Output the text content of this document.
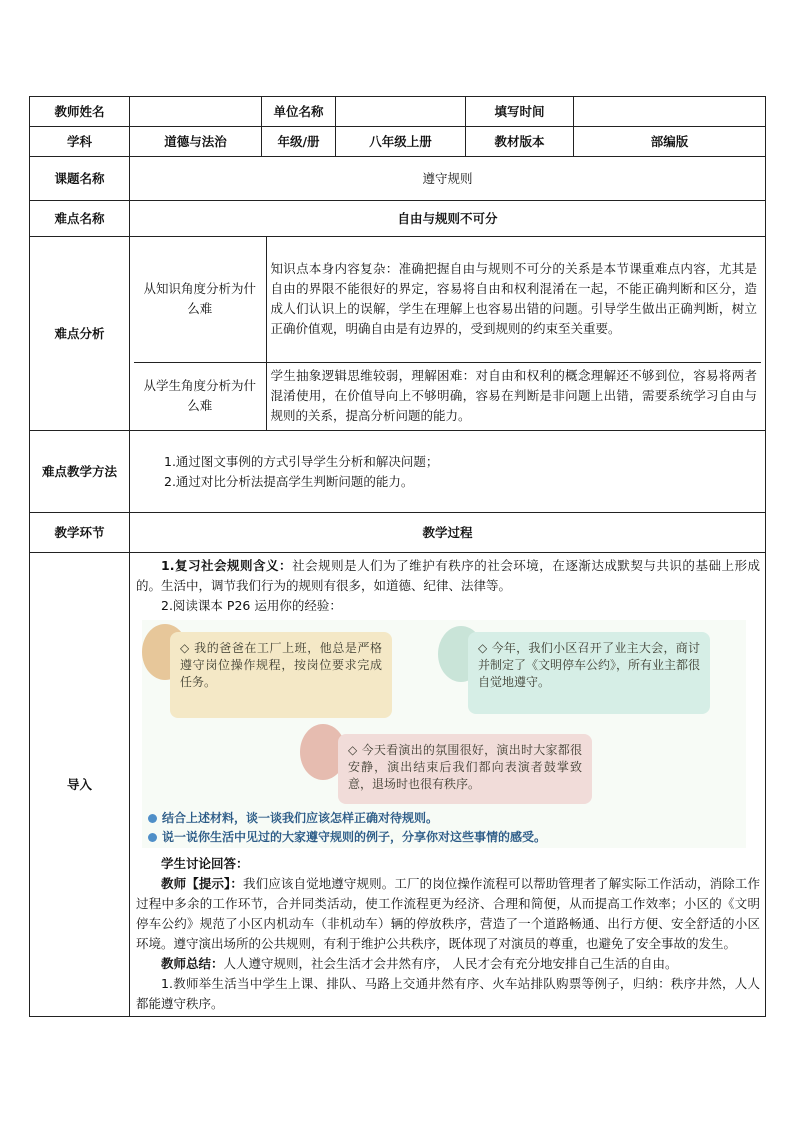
教师姓名		单位名称		填写时间	
学科	道德与法治	年级/册	八年级上册	教材版本	部编版
课题名称	遵守规则
难点名称	自由与规则不可分
难点分析	
从知识角度分析为什么难	知识点本身内容复杂：准确把握自由与规则不可分的关系是本节课重难点内容，尤其是自由的界限不能很好的界定，容易将自由和权利混淆在一起，不能正确判断和区分，造成人们认识上的误解，学生在理解上也容易出错的问题。引导学生做出正确判断，树立正确价值观，明确自由是有边界的，受到规则的约束至关重要。
从学生角度分析为什么难	学生抽象逻辑思维较弱，理解困难：对自由和权利的概念理解还不够到位，容易将两者混淆使用，在价值导向上不够明确，容易在判断是非问题上出错，需要系统学习自由与规则的关系，提高分析问题的能力。

难点教学方法	

1.通过图文事例的方式引导学生分析和解决问题；

2.通过对比分析法提高学生判断问题的能力。

教学环节	教学过程
导入	

1.复习社会规则含义：社会规则是人们为了维护有秩序的社会环境，在逐渐达成默契与共识的基础上形成的。生活中，调节我们行为的规则有很多，如道德、纪律、法律等。

2.阅读课本 P26 运用你的经验：

◇ 我的爸爸在工厂上班，他总是严格遵守岗位操作规程，按岗位要求完成任务。
◇ 今年，我们小区召开了业主大会，商讨并制定了《文明停车公约》，所有业主都很自觉地遵守。
◇ 今天看演出的氛围很好，演出时大家都很安静，演出结束后我们都向表演者鼓掌致意，退场时也很有秩序。
结合上述材料，谈一谈我们应该怎样正确对待规则。
说一说你生活中见过的大家遵守规则的例子，分享你对这些事情的感受。

学生讨论回答：

教师【提示】：我们应该自觉地遵守规则。工厂的岗位操作流程可以帮助管理者了解实际工作活动，消除工作过程中多余的工作环节，合并同类活动，使工作流程更为经济、合理和简便，从而提高工作效率；小区的《文明停车公约》规范了小区内机动车（非机动车）辆的停放秩序，营造了一个道路畅通、出行方便、安全舒适的小区环境。遵守演出场所的公共规则，有利于维护公共秩序，既体现了对演员的尊重，也避免了安全事故的发生。

教师总结：人人遵守规则，社会生活才会井然有序， 人民才会有充分地安排自己生活的自由。

1.教师举生活当中学生上课、排队、马路上交通井然有序、火车站排队购票等例子，归纳：秩序井然，人人都能遵守秩序。
